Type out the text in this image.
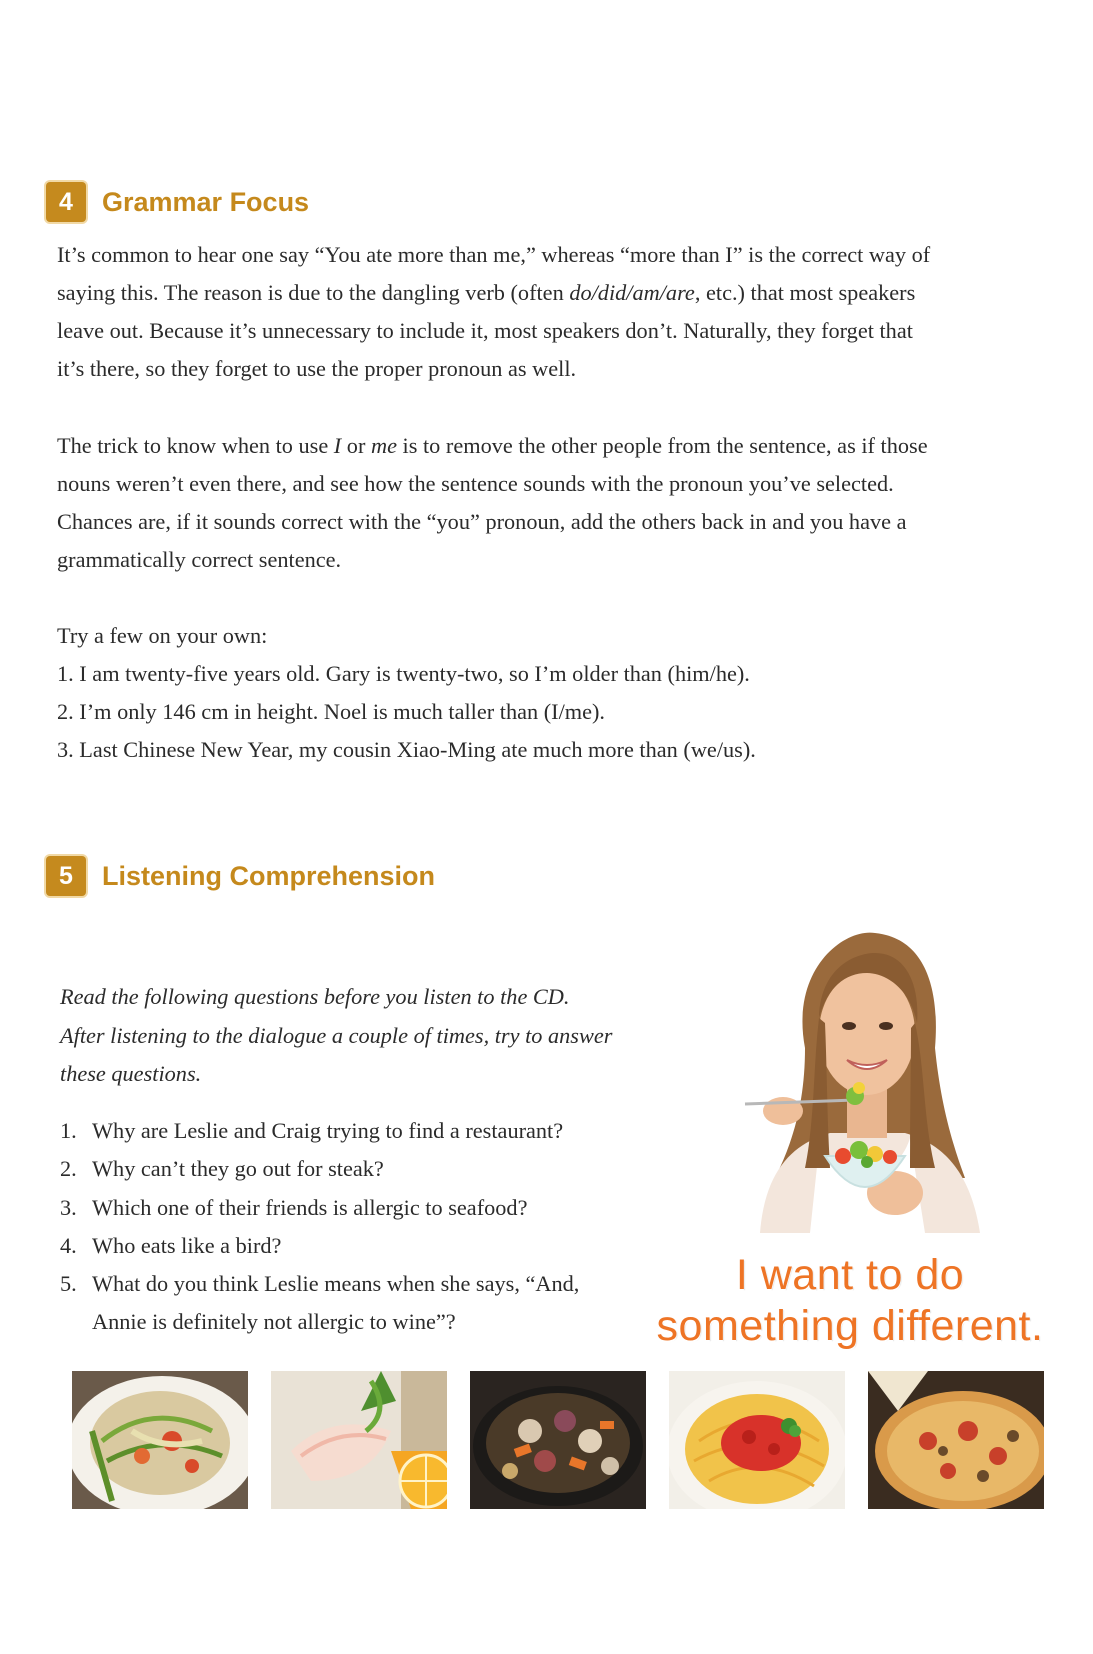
4	Grammar Focus

It’s common to hear one say “You ate more than me,” whereas “more than I” is the correct way of
saying this. The reason is due to the dangling verb (often do/did/am/are, etc.) that most speakers
leave out. Because it’s unnecessary to include it, most speakers don’t. Naturally, they forget that
it’s there, so they forget to use the proper pronoun as well.

The trick to know when to use I or me is to remove the other people from the sentence, as if those
nouns weren’t even there, and see how the sentence sounds with the pronoun you’ve selected.
Chances are, if it sounds correct with the “you” pronoun, add the others back in and you have a
grammatically correct sentence.

Try a few on your own:
1. I am twenty-five years old. Gary is twenty-two, so I’m older than (him/he).
2. I’m only 146 cm in height. Noel is much taller than (I/me).
3. Last Chinese New Year, my cousin Xiao-Ming ate much more than (we/us).
5	Listening Comprehension

Read the following questions before you listen to the CD.
After listening to the dialogue a couple of times, try to answer
these questions.

1. Why are Leslie and Craig trying to find a restaurant?
2. Why can’t they go out for steak?
3. Which one of their friends is allergic to seafood?
4. Who eats like a bird?
5. What do you think Leslie means when she says, “And,
Annie is definitely not allergic to wine”?
I want to do
something different.
